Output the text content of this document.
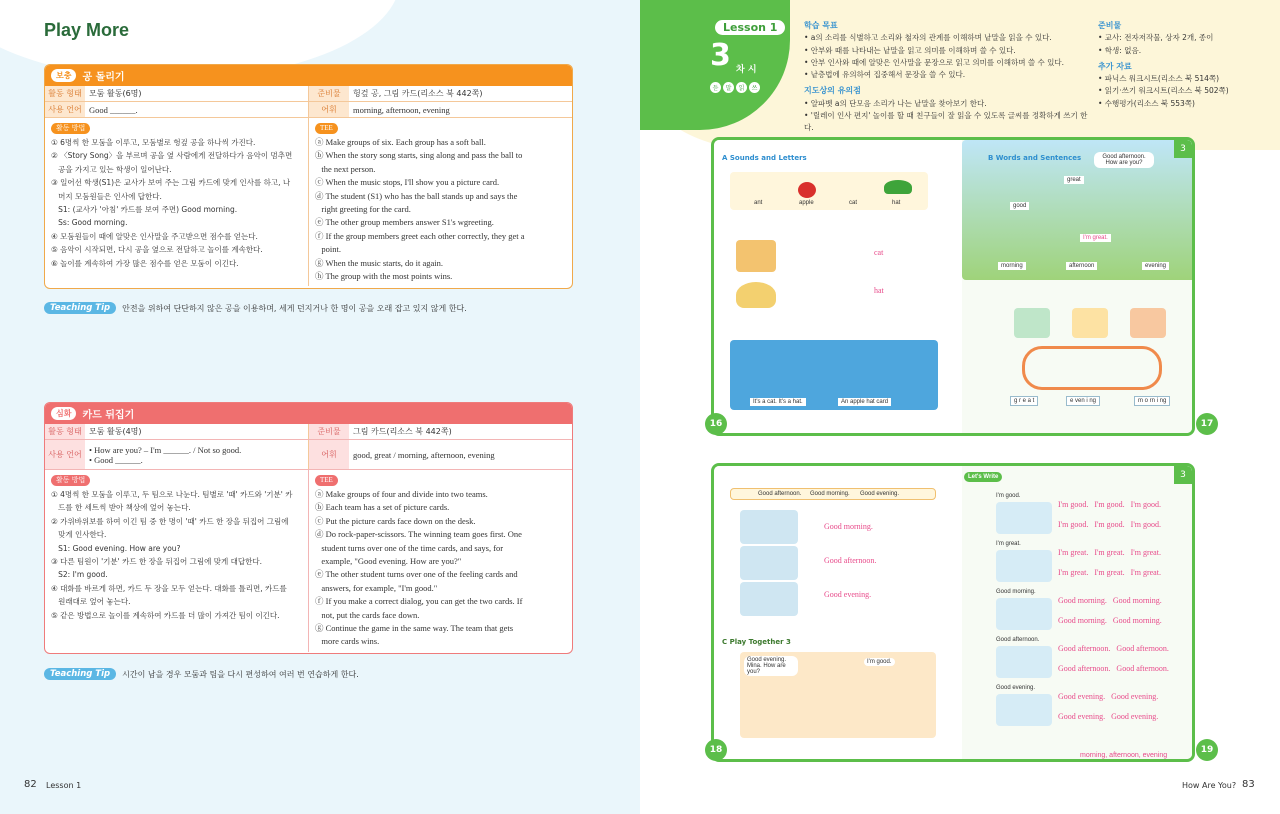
Play More
보충	공 돌리기
활동 형태 모둠 활동(6명)	준비물	헝겊 공, 그림 카드(리소스 북 442쪽)
사용 언어 Good ______.	어휘	morning, afternoon, evening
활동 방법
① 6명씩 한 모둠을 이루고, 모둠별로 헝겊 공을 하나씩 가진다.
② 〈Story Song〉을 부르며 공을 옆 사람에게 전달하다가 음악이 멈추면
공을 가지고 있는 학생이 일어난다.
③ 일어선 학생(S1)은 교사가 보여 주는 그림 카드에 맞게 인사를 하고, 나
머지 모둠원들은 인사에 답한다.
S1: (교사가 '아침' 카드를 보여 주면) Good morning.
Ss: Good morning.
④ 모둠원들이 때에 알맞은 인사말을 주고받으면 점수를 얻는다.
⑤ 음악이 시작되면, 다시 공을 옆으로 전달하고 놀이를 계속한다.
⑥ 놀이를 계속하여 가장 많은 점수를 얻은 모둠이 이긴다.
TEE
ⓐ Make groups of six. Each group has a soft ball.
ⓑ When the story song starts, sing along and pass the ball to
the next person.
ⓒ When the music stops, I'll show you a picture card.
ⓓ The student (S1) who has the ball stands up and says the
right greeting for the card.
ⓔ The other group members answer S1's wgreeting.
ⓕ If the group members greet each other correctly, they get a
point.
ⓖ When the music starts, do it again.
ⓗ The group with the most points wins.
Teaching Tip	안전을 위하여 단단하지 않은 공을 이용하며, 세게 던지거나 한 명이 공을 오래 잡고 있지 않게 한다.
심화	카드 뒤집기
활동 형태 모둠 활동(4명)	준비물	그림 카드(리소스 북 442쪽)
사용 언어 • How are you? – I'm ______. / Not so good.
• Good ______.	어휘	good, great / morning, afternoon, evening
활동 방법
① 4명씩 한 모둠을 이루고, 두 팀으로 나눈다. 팀별로 '때' 카드와 '기분' 카
드를 한 세트씩 받아 책상에 엎어 놓는다.
② 가위바위보를 하여 이긴 팀 중 한 명이 '때' 카드 한 장을 뒤집어 그림에
맞게 인사한다.
S1: Good evening. How are you?
③ 다른 팀원이 '기분' 카드 한 장을 뒤집어 그림에 맞게 대답한다.
S2: I'm good.
④ 대화를 바르게 하면, 카드 두 장을 모두 얻는다. 대화를 틀리면, 카드를
원래대로 엎어 놓는다.
⑤ 같은 방법으로 놀이를 계속하여 카드를 더 많이 가져간 팀이 이긴다.
TEE
ⓐ Make groups of four and divide into two teams.
ⓑ Each team has a set of picture cards.
ⓒ Put the picture cards face down on the desk.
ⓓ Do rock-paper-scissors. The winning team goes first. One
student turns over one of the time cards, and says, for
example, "Good evening. How are you?"
ⓔ The other student turns over one of the feeling cards and
answers, for example, "I'm good."
ⓕ If you make a correct dialog, you can get the two cards. If
not, put the cards face down.
ⓖ Continue the game in the same way. The team that gets
more cards wins.
Teaching Tip	시간이 남을 경우 모둠과 팀을 다시 편성하여 여러 번 연습하게 한다.
82 Lesson 1
Lesson 1
3 차 시
듣	말	읽	쓰
학습 목표
• a의 소리를 식별하고 소리와 철자의 관계를 이해하며 낱말을 읽을 수 있다.
• 안부와 때를 나타내는 낱말을 읽고 의미를 이해하며 쓸 수 있다.
• 안부 인사와 때에 알맞은 인사말을 문장으로 읽고 의미를 이해하며 쓸 수 있다.
• 낱층법에 유의하여 집중해서 문장을 쓸 수 있다.
지도상의 유의점
• 알파벳 a의 단모음 소리가 나는 낱말을 찾아보기 한다.
• '릴레이 인사 편지' 놀이를 할 때 친구들이 잘 읽을 수 있도록 글씨를 정확하게 쓰기 한다.
준비물
• 교사: 전자저작물, 상자 2개, 종이
• 학생: 없음.
추가 자료
• 파닉스 워크시트(리소스 북 514쪽)
• 읽기·쓰기 워크시트(리소스 북 502쪽)
• 수행평가(리소스 북 553쪽)
A Sounds and Letters
ant	apple	cat	hat
cat
hat
It's a cat. It's a hat.	An apple hat card
B Words and Sentences	Good afternoon. How are you?
great
good
I'm great.
morning	afternoon	evening
g r e a t	e ven i ng	m o rn i ng
3
16	17
Good afternoon. Good morning. Good evening.
Good morning.
Good afternoon.
Good evening.
C Play Together 3
Good evening. Mina. How are you?
I'm good.
Let's Write
I'm good.
I'm good.   I'm good.   I'm good.
I'm good.   I'm good.   I'm good.
I'm great.
I'm great.   I'm great.   I'm great.
I'm great.   I'm great.   I'm great.
Good morning.
Good morning.   Good morning.
Good morning.   Good morning.
Good afternoon.
Good afternoon.   Good afternoon.
Good afternoon.   Good afternoon.
Good evening.
Good evening.   Good evening.
Good evening.   Good evening.
morning, afternoon, evening
3
18	19
How Are You? 83
